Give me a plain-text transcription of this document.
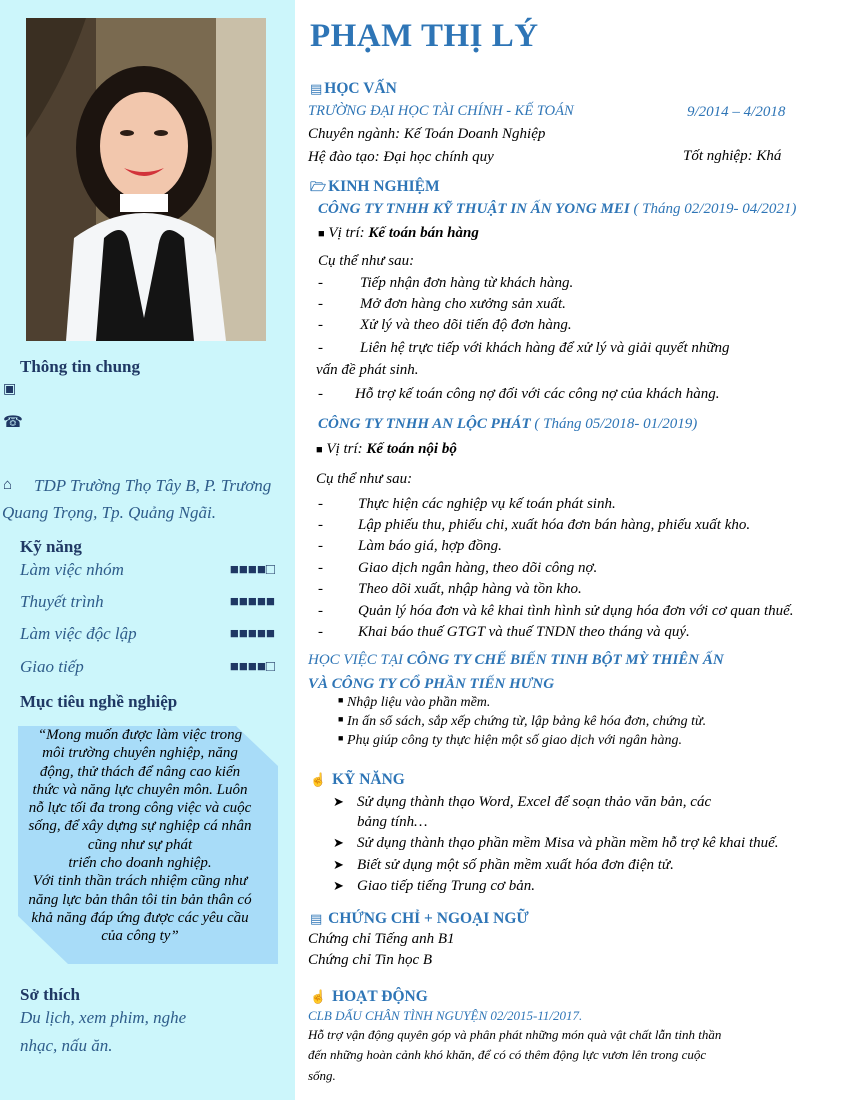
Thông tin chung
▣
☎
⌂ TDP Trường Thọ Tây B, P. Trương
Quang Trọng, Tp. Quảng Ngãi.
Kỹ năng
Làm việc nhóm	■■■■□
Thuyết trình	■■■■■
Làm việc độc lập	■■■■■
Giao tiếp	■■■■□
Mục tiêu nghề nghiệp
“Mong muốn được làm việc trong
môi trường chuyên nghiệp, năng
động, thử thách để nâng cao kiến
thức và năng lực chuyên môn. Luôn
nỗ lực tối đa trong công việc và cuộc
sống, để xây dựng sự nghiệp cá nhân
cũng như sự phát
triển cho doanh nghiệp.
Với tinh thần trách nhiệm cũng như
năng lực bản thân tôi tin bản thân có
khả năng đáp ứng được các yêu cầu
của công ty”
Sở thích
Du lịch, xem phim, nghe
nhạc, nấu ăn.
PHẠM THỊ LÝ
▤ HỌC VẤN
TRƯỜNG ĐẠI HỌC TÀI CHÍNH - KẾ TOÁN	9/2014 – 4/2018
Chuyên ngành: Kế Toán Doanh Nghiệp
Hệ đào tạo: Đại học chính quy	Tốt nghiệp: Khá
🗁 KINH NGHIỆM
CÔNG TY TNHH KỸ THUẬT IN ẤN YONG MEI ( Tháng 02/2019- 04/2021)
■ Vị trí: Kế toán bán hàng
Cụ thể như sau:
- Tiếp nhận đơn hàng từ khách hàng.
- Mở đơn hàng cho xưởng sản xuất.
- Xử lý và theo dõi tiến độ đơn hàng.
- Liên hệ trực tiếp với khách hàng để xử lý và giải quyết những
vấn đề phát sinh.
- Hỗ trợ kế toán công nợ đối với các công nợ của khách hàng.
CÔNG TY TNHH AN LỘC PHÁT ( Tháng 05/2018- 01/2019)
■ Vị trí: Kế toán nội bộ
Cụ thể như sau:
- Thực hiện các nghiệp vụ kế toán phát sinh.
- Lập phiếu thu, phiếu chi, xuất hóa đơn bán hàng, phiếu xuất kho.
- Làm báo giá, hợp đồng.
- Giao dịch ngân hàng, theo dõi công nợ.
- Theo dõi xuất, nhập hàng và tồn kho.
- Quản lý hóa đơn và kê khai tình hình sử dụng hóa đơn với cơ quan thuế.
- Khai báo thuế GTGT và thuế TNDN theo tháng và quý.
HỌC VIỆC TẠI CÔNG TY CHẾ BIẾN TINH BỘT MỲ THIÊN ẤN
VÀ CÔNG TY CỔ PHẦN TIẾN HƯNG
■ Nhập liệu vào phần mềm.
■ In ấn sổ sách, sắp xếp chứng từ, lập bảng kê hóa đơn, chứng từ.
■ Phụ giúp công ty thực hiện một số giao dịch với ngân hàng.
☝ KỸ NĂNG
➤ Sử dụng thành thạo Word, Excel để soạn thảo văn bản, các
bảng tính…
➤ Sử dụng thành thạo phần mềm Misa và phần mềm hỗ trợ kê khai thuế.
➤ Biết sử dụng một số phần mềm xuất hóa đơn điện tử.
➤ Giao tiếp tiếng Trung cơ bản.
▤ CHỨNG CHỈ + NGOẠI NGỮ
Chứng chỉ Tiếng anh B1
Chứng chỉ Tin học B
☝ HOẠT ĐỘNG
CLB DẤU CHÂN TÌNH NGUYỆN 02/2015-11/2017.
Hỗ trợ vận động quyên góp và phân phát những món quà vật chất lẫn tinh thần
đến những hoàn cảnh khó khăn, để có có thêm động lực vươn lên trong cuộc
sống.
